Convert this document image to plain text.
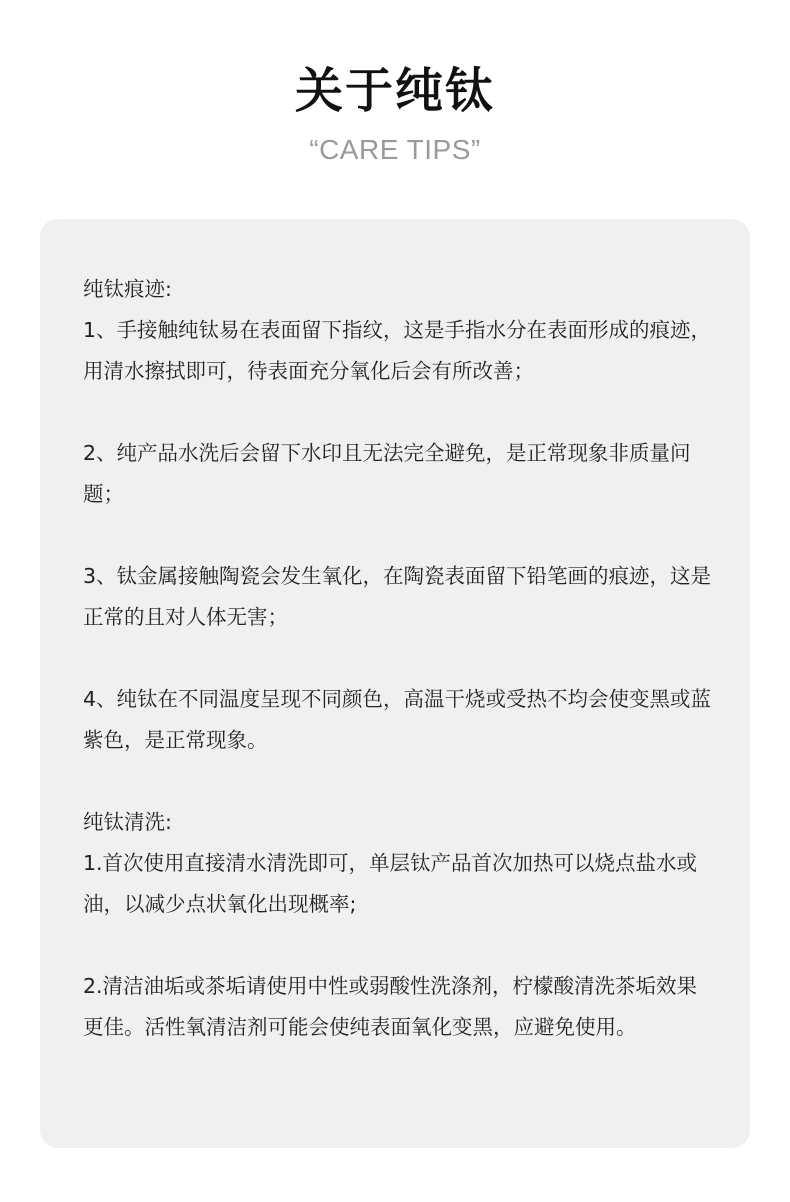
关于纯钛

“CARE TIPS”

纯钛痕迹:

1、手接触纯钛易在表面留下指纹，这是手指水分在表面形成的痕迹，用清水擦拭即可，待表面充分氧化后会有所改善；

2、纯产品水洗后会留下水印且无法完全避免，是正常现象非质量问题；

3、钛金属接触陶瓷会发生氧化，在陶瓷表面留下铅笔画的痕迹，这是正常的且对人体无害；

4、纯钛在不同温度呈现不同颜色，高温干烧或受热不均会使变黑或蓝紫色，是正常现象。

纯钛清洗:

1.首次使用直接清水清洗即可，单层钛产品首次加热可以烧点盐水或油，以减少点状氧化出现概率;

2.清洁油垢或茶垢请使用中性或弱酸性洗涤剂，柠檬酸清洗茶垢效果更佳。活性氧清洁剂可能会使纯表面氧化变黑，应避免使用。
